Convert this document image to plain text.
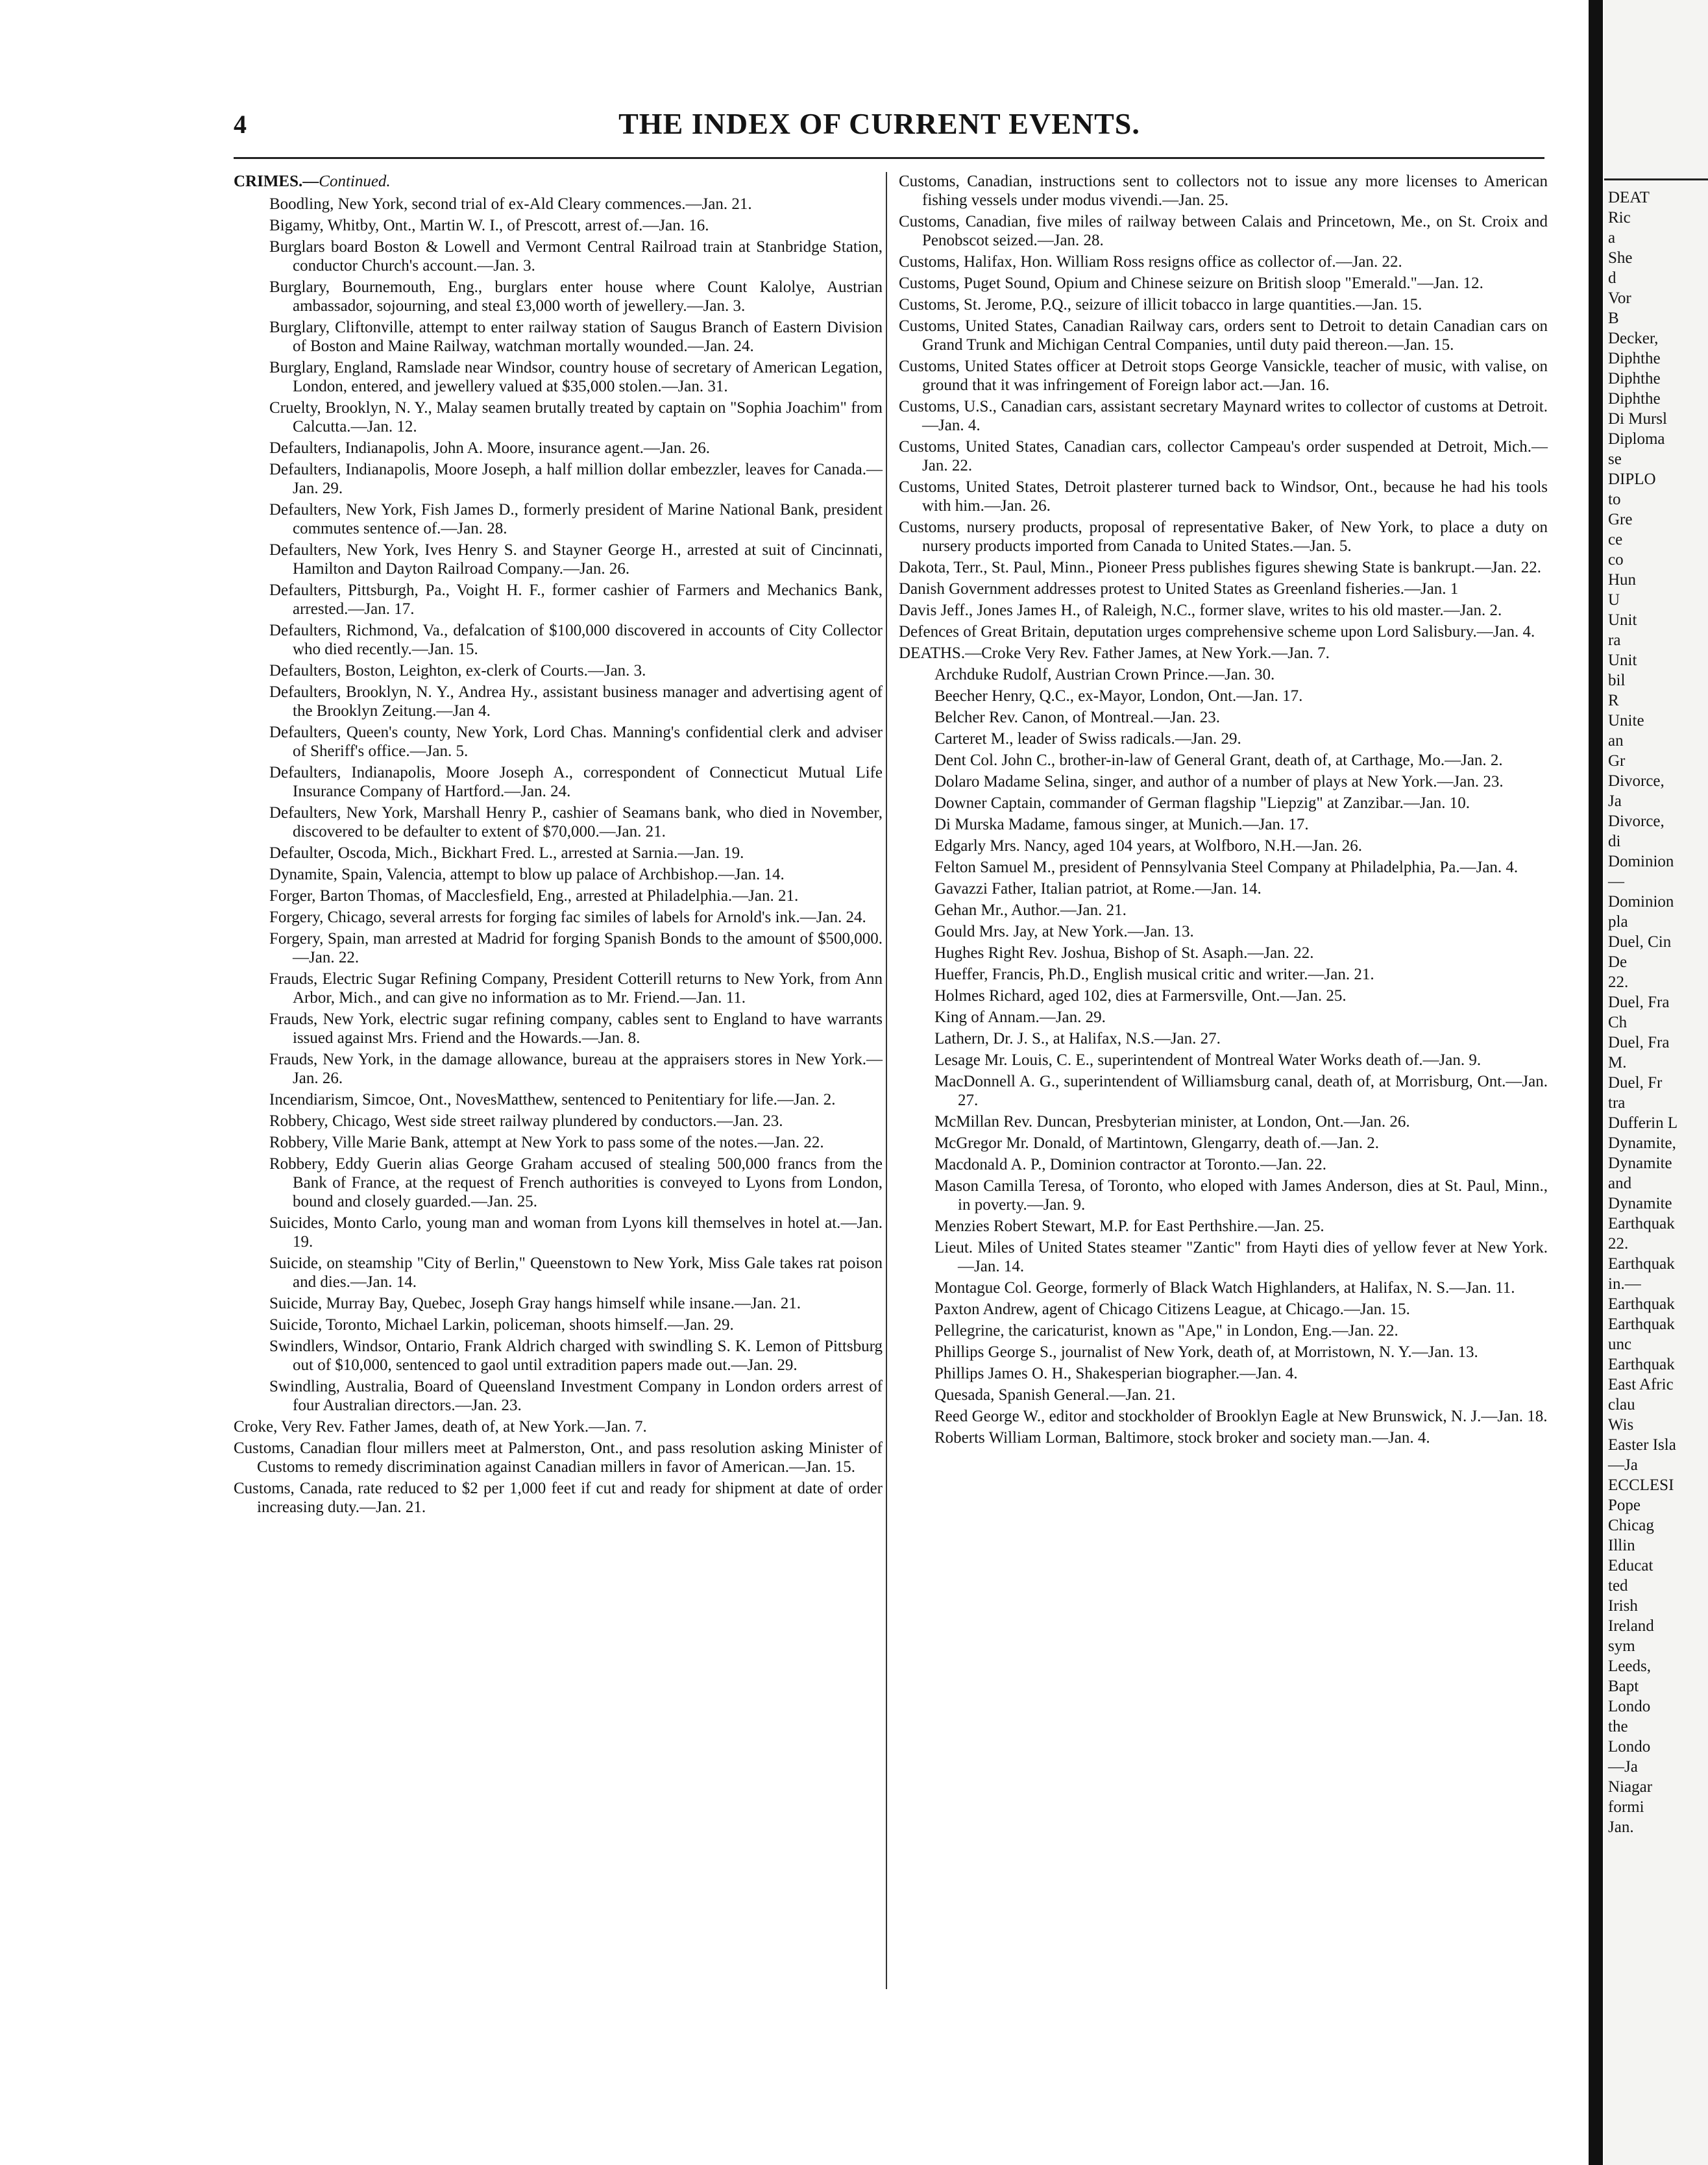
4	THE INDEX OF CURRENT EVENTS.
CRIMES.—Continued.

Boodling, New York, second trial of ex-Ald Cleary commences.—Jan. 21.

Bigamy, Whitby, Ont., Martin W. I., of Prescott, arrest of.—Jan. 16.

Burglars board Boston & Lowell and Vermont Central Railroad train at Stanbridge Station, conductor Church's account.—Jan. 3.

Burglary, Bournemouth, Eng., burglars enter house where Count Kalolye, Austrian ambassador, sojourning, and steal £3,000 worth of jewellery.—Jan. 3.

Burglary, Cliftonville, attempt to enter railway station of Saugus Branch of Eastern Division of Boston and Maine Railway, watchman mortally wounded.—Jan. 24.

Burglary, England, Ramslade near Windsor, country house of secretary of American Legation, London, entered, and jewellery valued at $35,000 stolen.—Jan. 31.

Cruelty, Brooklyn, N. Y., Malay seamen brutally treated by captain on "Sophia Joachim" from Calcutta.—Jan. 12.

Defaulters, Indianapolis, John A. Moore, insurance agent.—Jan. 26.

Defaulters, Indianapolis, Moore Joseph, a half million dollar embezzler, leaves for Canada.—Jan. 29.

Defaulters, New York, Fish James D., formerly president of Marine National Bank, president commutes sentence of.—Jan. 28.

Defaulters, New York, Ives Henry S. and Stayner George H., arrested at suit of Cincinnati, Hamilton and Dayton Railroad Company.—Jan. 26.

Defaulters, Pittsburgh, Pa., Voight H. F., former cashier of Farmers and Mechanics Bank, arrested.—Jan. 17.

Defaulters, Richmond, Va., defalcation of $100,000 discovered in accounts of City Collector who died recently.—Jan. 15.

Defaulters, Boston, Leighton, ex-clerk of Courts.—Jan. 3.

Defaulters, Brooklyn, N. Y., Andrea Hy., assistant business manager and advertising agent of the Brooklyn Zeitung.—Jan 4.

Defaulters, Queen's county, New York, Lord Chas. Manning's confidential clerk and adviser of Sheriff's office.—Jan. 5.

Defaulters, Indianapolis, Moore Joseph A., correspondent of Connecticut Mutual Life Insurance Company of Hartford.—Jan. 24.

Defaulters, New York, Marshall Henry P., cashier of Seamans bank, who died in November, discovered to be defaulter to extent of $70,000.—Jan. 21.

Defaulter, Oscoda, Mich., Bickhart Fred. L., arrested at Sarnia.—Jan. 19.

Dynamite, Spain, Valencia, attempt to blow up palace of Archbishop.—Jan. 14.

Forger, Barton Thomas, of Macclesfield, Eng., arrested at Philadelphia.—Jan. 21.

Forgery, Chicago, several arrests for forging fac similes of labels for Arnold's ink.—Jan. 24.

Forgery, Spain, man arrested at Madrid for forging Spanish Bonds to the amount of $500,000.—Jan. 22.

Frauds, Electric Sugar Refining Company, President Cotterill returns to New York, from Ann Arbor, Mich., and can give no information as to Mr. Friend.—Jan. 11.

Frauds, New York, electric sugar refining company, cables sent to England to have warrants issued against Mrs. Friend and the Howards.—Jan. 8.

Frauds, New York, in the damage allowance, bureau at the appraisers stores in New York.—Jan. 26.

Incendiarism, Simcoe, Ont., NovesMatthew, sentenced to Penitentiary for life.—Jan. 2.

Robbery, Chicago, West side street railway plundered by conductors.—Jan. 23.

Robbery, Ville Marie Bank, attempt at New York to pass some of the notes.—Jan. 22.

Robbery, Eddy Guerin alias George Graham accused of stealing 500,000 francs from the Bank of France, at the request of French authorities is conveyed to Lyons from London, bound and closely guarded.—Jan. 25.

Suicides, Monto Carlo, young man and woman from Lyons kill themselves in hotel at.—Jan. 19.

Suicide, on steamship "City of Berlin," Queenstown to New York, Miss Gale takes rat poison and dies.—Jan. 14.

Suicide, Murray Bay, Quebec, Joseph Gray hangs himself while insane.—Jan. 21.

Suicide, Toronto, Michael Larkin, policeman, shoots himself.—Jan. 29.

Swindlers, Windsor, Ontario, Frank Aldrich charged with swindling S. K. Lemon of Pittsburg out of $10,000, sentenced to gaol until extradition papers made out.—Jan. 29.

Swindling, Australia, Board of Queensland Investment Company in London orders arrest of four Australian directors.—Jan. 23.

Croke, Very Rev. Father James, death of, at New York.—Jan. 7.

Customs, Canadian flour millers meet at Palmerston, Ont., and pass resolution asking Minister of Customs to remedy discrimination against Canadian millers in favor of American.—Jan. 15.

Customs, Canada, rate reduced to $2 per 1,000 feet if cut and ready for shipment at date of order increasing duty.—Jan. 21.

Customs, Canadian, instructions sent to collectors not to issue any more licenses to American fishing vessels under modus vivendi.—Jan. 25.

Customs, Canadian, five miles of railway between Calais and Princetown, Me., on St. Croix and Penobscot seized.—Jan. 28.

Customs, Halifax, Hon. William Ross resigns office as collector of.—Jan. 22.

Customs, Puget Sound, Opium and Chinese seizure on British sloop "Emerald."—Jan. 12.

Customs, St. Jerome, P.Q., seizure of illicit tobacco in large quantities.—Jan. 15.

Customs, United States, Canadian Railway cars, orders sent to Detroit to detain Canadian cars on Grand Trunk and Michigan Central Companies, until duty paid thereon.—Jan. 15.

Customs, United States officer at Detroit stops George Vansickle, teacher of music, with valise, on ground that it was infringement of Foreign labor act.—Jan. 16.

Customs, U.S., Canadian cars, assistant secretary Maynard writes to collector of customs at Detroit.—Jan. 4.

Customs, United States, Canadian cars, collector Campeau's order suspended at Detroit, Mich.—Jan. 22.

Customs, United States, Detroit plasterer turned back to Windsor, Ont., because he had his tools with him.—Jan. 26.

Customs, nursery products, proposal of representative Baker, of New York, to place a duty on nursery products imported from Canada to United States.—Jan. 5.

Dakota, Terr., St. Paul, Minn., Pioneer Press publishes figures shewing State is bankrupt.—Jan. 22.

Danish Government addresses protest to United States as Greenland fisheries.—Jan. 1

Davis Jeff., Jones James H., of Raleigh, N.C., former slave, writes to his old master.—Jan. 2.

Defences of Great Britain, deputation urges comprehensive scheme upon Lord Salisbury.—Jan. 4.

DEATHS.—Croke Very Rev. Father James, at New York.—Jan. 7.

Archduke Rudolf, Austrian Crown Prince.—Jan. 30.

Beecher Henry, Q.C., ex-Mayor, London, Ont.—Jan. 17.

Belcher Rev. Canon, of Montreal.—Jan. 23.

Carteret M., leader of Swiss radicals.—Jan. 29.

Dent Col. John C., brother-in-law of General Grant, death of, at Carthage, Mo.—Jan. 2.

Dolaro Madame Selina, singer, and author of a number of plays at New York.—Jan. 23.

Downer Captain, commander of German flagship "Liepzig" at Zanzibar.—Jan. 10.

Di Murska Madame, famous singer, at Munich.—Jan. 17.

Edgarly Mrs. Nancy, aged 104 years, at Wolfboro, N.H.—Jan. 26.

Felton Samuel M., president of Pennsylvania Steel Company at Philadelphia, Pa.—Jan. 4.

Gavazzi Father, Italian patriot, at Rome.—Jan. 14.

Gehan Mr., Author.—Jan. 21.

Gould Mrs. Jay, at New York.—Jan. 13.

Hughes Right Rev. Joshua, Bishop of St. Asaph.—Jan. 22.

Hueffer, Francis, Ph.D., English musical critic and writer.—Jan. 21.

Holmes Richard, aged 102, dies at Farmersville, Ont.—Jan. 25.

King of Annam.—Jan. 29.

Lathern, Dr. J. S., at Halifax, N.S.—Jan. 27.

Lesage Mr. Louis, C. E., superintendent of Montreal Water Works death of.—Jan. 9.

MacDonnell A. G., superintendent of Williamsburg canal, death of, at Morrisburg, Ont.—Jan. 27.

McMillan Rev. Duncan, Presbyterian minister, at London, Ont.—Jan. 26.

McGregor Mr. Donald, of Martintown, Glengarry, death of.—Jan. 2.

Macdonald A. P., Dominion contractor at Toronto.—Jan. 22.

Mason Camilla Teresa, of Toronto, who eloped with James Anderson, dies at St. Paul, Minn., in poverty.—Jan. 9.

Menzies Robert Stewart, M.P. for East Perthshire.—Jan. 25.

Lieut. Miles of United States steamer "Zantic" from Hayti dies of yellow fever at New York.—Jan. 14.

Montague Col. George, formerly of Black Watch Highlanders, at Halifax, N. S.—Jan. 11.

Paxton Andrew, agent of Chicago Citizens League, at Chicago.—Jan. 15.

Pellegrine, the caricaturist, known as "Ape," in London, Eng.—Jan. 22.

Phillips George S., journalist of New York, death of, at Morristown, N. Y.—Jan. 13.

Phillips James O. H., Shakesperian biographer.—Jan. 4.

Quesada, Spanish General.—Jan. 21.

Reed George W., editor and stockholder of Brooklyn Eagle at New Brunswick, N. J.—Jan. 18.

Roberts William Lorman, Baltimore, stock broker and society man.—Jan. 4.

DEAT
Ric
a
She
d
Vor
B
Decker,
Diphthe
Diphthe
Diphthe
Di Mursl
Diploma
se
DIPLO
to
Gre
ce
co
Hun
U
Unit
ra
Unit
bil
R
Unite
an
Gr
Divorce,
Ja
Divorce,
di
Dominion
—
Dominion
pla
Duel, Cin
De
22.
Duel, Fra
Ch
Duel, Fra
M.
Duel, Fr
tra
Dufferin L
Dynamite,
Dynamite
and
Dynamite
Earthquak
22.
Earthquak
in.—
Earthquak
Earthquak
unc
Earthquak
East Afric
clau
Wis
Easter Isla
—Ja
ECCLESI
Pope
Chicag
Illin
Educat
ted
Irish
Ireland
sym
Leeds,
Bapt
Londo
the
Londo
—Ja
Niagar
formi
Jan.
